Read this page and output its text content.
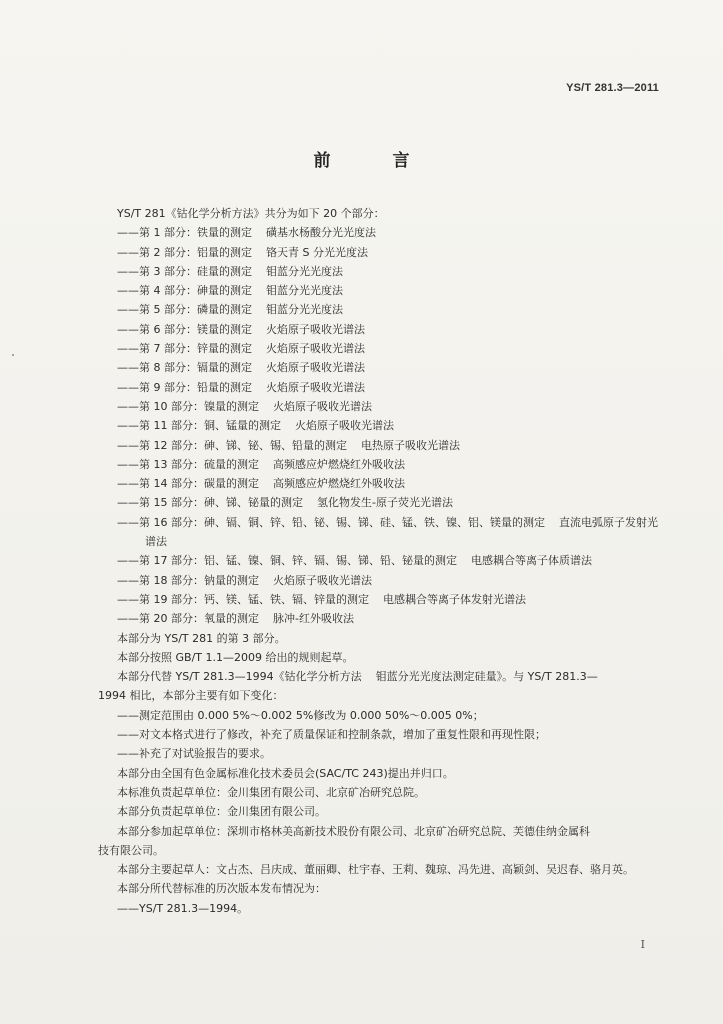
YS/T 281.3—2011
前 言
YS/T 281《钴化学分析方法》共分为如下 20 个部分：
——第 1 部分：铁量的测定 磺基水杨酸分光光度法
——第 2 部分：铝量的测定 铬天青 S 分光光度法
——第 3 部分：硅量的测定 钼蓝分光光度法
——第 4 部分：砷量的测定 钼蓝分光光度法
——第 5 部分：磷量的测定 钼蓝分光光度法
——第 6 部分：镁量的测定 火焰原子吸收光谱法
——第 7 部分：锌量的测定 火焰原子吸收光谱法
——第 8 部分：镉量的测定 火焰原子吸收光谱法
——第 9 部分：铅量的测定 火焰原子吸收光谱法
——第 10 部分：镍量的测定 火焰原子吸收光谱法
——第 11 部分：铜、锰量的测定 火焰原子吸收光谱法
——第 12 部分：砷、锑、铋、锡、铅量的测定 电热原子吸收光谱法
——第 13 部分：硫量的测定 高频感应炉燃烧红外吸收法
——第 14 部分：碳量的测定 高频感应炉燃烧红外吸收法
——第 15 部分：砷、锑、铋量的测定 氢化物发生-原子荧光光谱法
——第 16 部分：砷、镉、铜、锌、铅、铋、锡、锑、硅、锰、铁、镍、铝、镁量的测定 直流电弧原子发射光
谱法
——第 17 部分：铝、锰、镍、铜、锌、镉、锡、锑、铅、铋量的测定 电感耦合等离子体质谱法
——第 18 部分：钠量的测定 火焰原子吸收光谱法
——第 19 部分：钙、镁、锰、铁、镉、锌量的测定 电感耦合等离子体发射光谱法
——第 20 部分：氧量的测定 脉冲-红外吸收法
本部分为 YS/T 281 的第 3 部分。
本部分按照 GB/T 1.1—2009 给出的规则起草。
本部分代替 YS/T 281.3—1994《钴化学分析方法 钼蓝分光光度法测定硅量》。与 YS/T 281.3—
1994 相比，本部分主要有如下变化：
——测定范围由 0.000 5%～0.002 5%修改为 0.000 50%～0.005 0%；
——对文本格式进行了修改，补充了质量保证和控制条款，增加了重复性限和再现性限；
——补充了对试验报告的要求。
本部分由全国有色金属标准化技术委员会(SAC/TC 243)提出并归口。
本标准负责起草单位：金川集团有限公司、北京矿冶研究总院。
本部分负责起草单位：金川集团有限公司。
本部分参加起草单位：深圳市格林美高新技术股份有限公司、北京矿冶研究总院、芙德佳纳金属科
技有限公司。
本部分主要起草人：文占杰、吕庆成、董丽卿、杜宇春、王莉、魏琼、冯先进、高颖剑、吴迟春、骆月英。
本部分所代替标准的历次版本发布情况为：
——YS/T 281.3—1994。
I
